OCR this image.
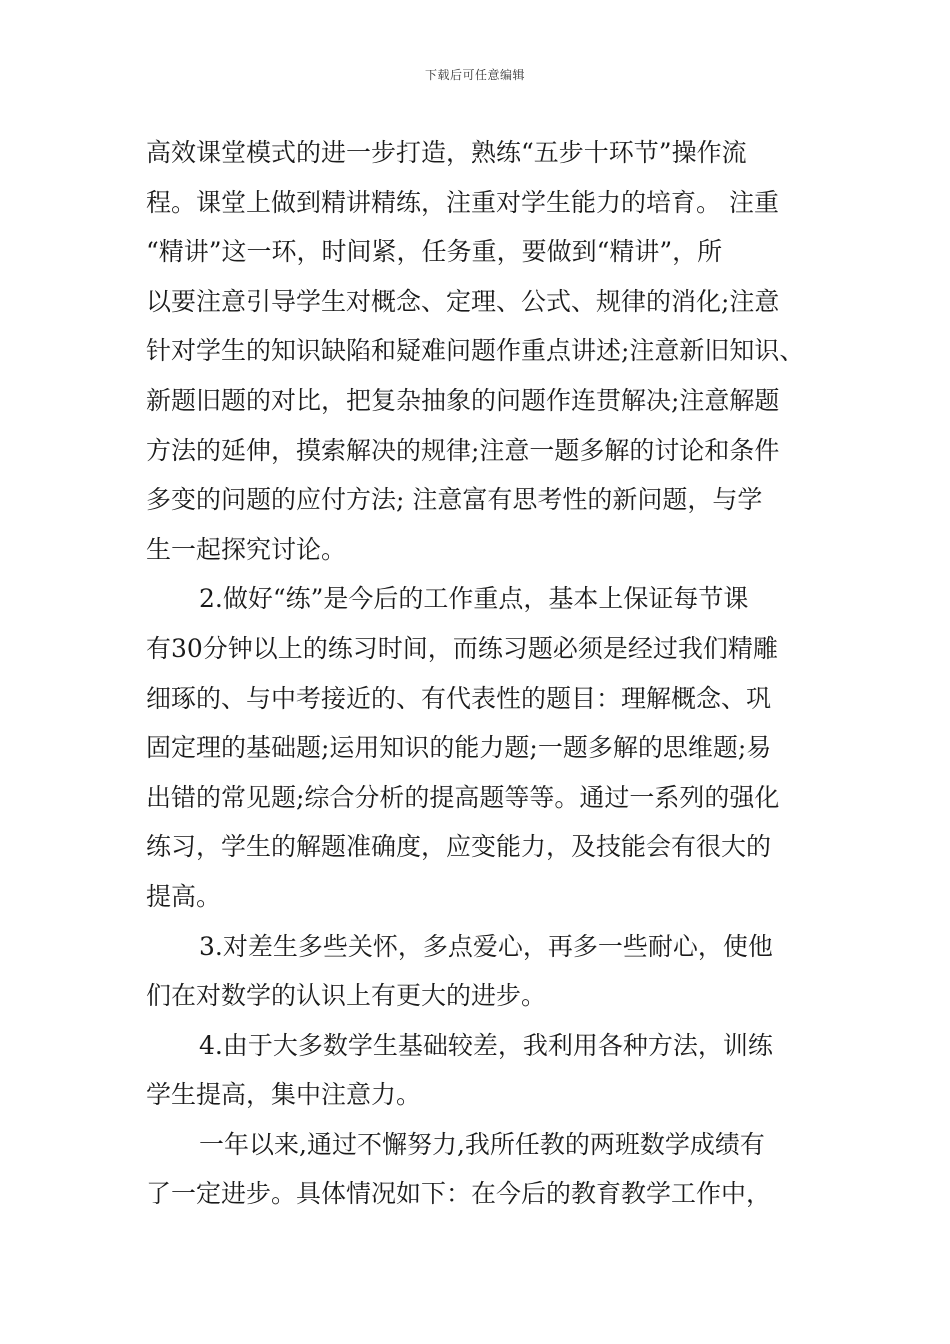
下载后可任意编辑
高效课堂模式的进一步打造，熟练“五步十环节”操作流
程。课堂上做到精讲精练，注重对学生能力的培育。 注重
“精讲”这一环，时间紧，任务重，要做到“精讲”，所
以要注意引导学生对概念、定理、公式、规律的消化;注意
针对学生的知识缺陷和疑难问题作重点讲述;注意新旧知识、
新题旧题的对比，把复杂抽象的问题作连贯解决;注意解题
方法的延伸，摸索解决的规律;注意一题多解的讨论和条件
多变的问题的应付方法; 注意富有思考性的新问题，与学
生一起探究讨论。
2.做好“练”是今后的工作重点，基本上保证每节课
有30分钟以上的练习时间，而练习题必须是经过我们精雕
细琢的、与中考接近的、有代表性的题目：理解概念、巩
固定理的基础题;运用知识的能力题;一题多解的思维题;易
出错的常见题;综合分析的提高题等等。通过一系列的强化
练习，学生的解题准确度，应变能力，及技能会有很大的
提高。
3.对差生多些关怀，多点爱心，再多一些耐心，使他
们在对数学的认识上有更大的进步。
4.由于大多数学生基础较差，我利用各种方法，训练
学生提高，集中注意力。
一年以来,通过不懈努力,我所任教的两班数学成绩有
了一定进步。具体情况如下：在今后的教育教学工作中，
